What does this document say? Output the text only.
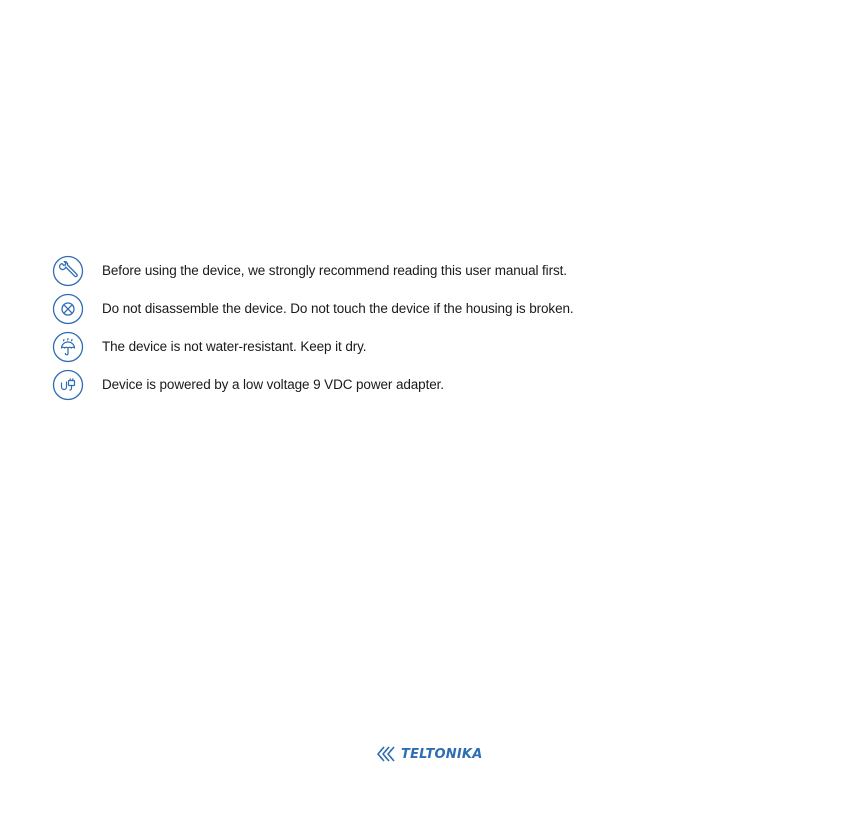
Before using the device, we strongly recommend reading this user manual first.
Do not disassemble the device. Do not touch the device if the housing is broken.
The device is not water-resistant. Keep it dry.
Device is powered by a low voltage 9 VDC power adapter.
TELTONIKA
